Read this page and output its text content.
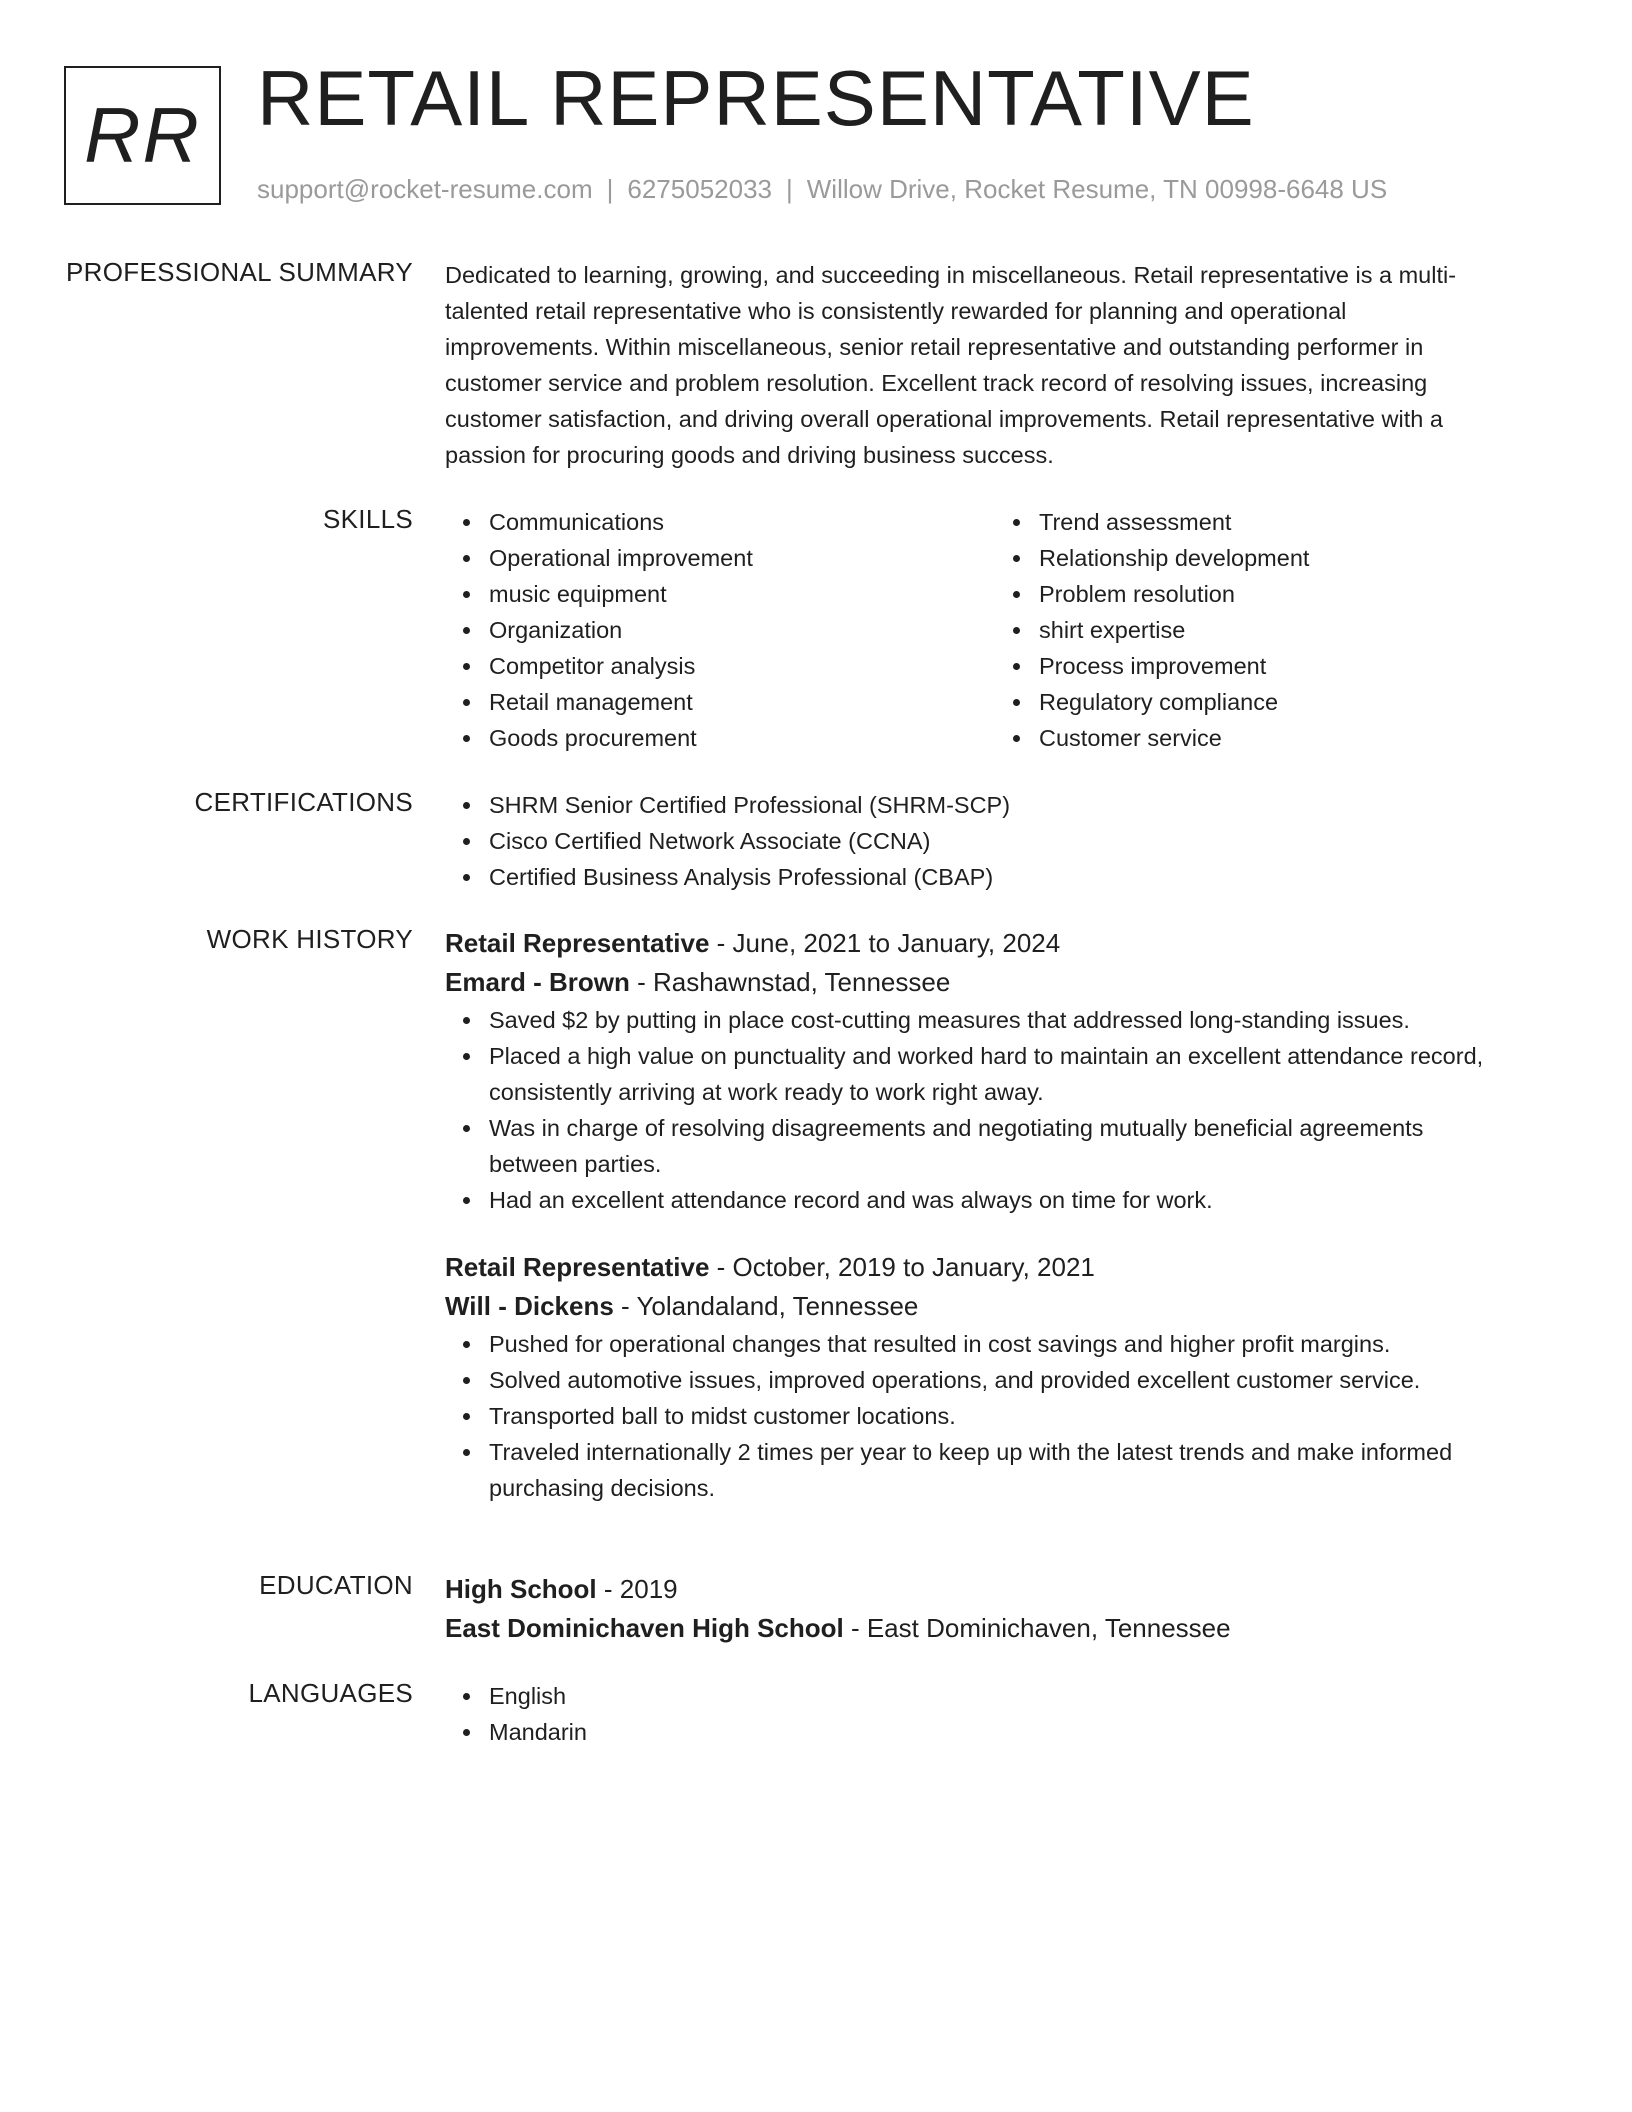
RR RETAIL REPRESENTATIVE
support@rocket-resume.com | 6275052033 | Willow Drive, Rocket Resume, TN 00998-6648 US
PROFESSIONAL SUMMARY Dedicated to learning, growing, and succeeding in miscellaneous. Retail representative is a multi-
talented retail representative who is consistently rewarded for planning and operational
improvements. Within miscellaneous, senior retail representative and outstanding performer in
customer service and problem resolution. Excellent track record of resolving issues, increasing
customer satisfaction, and driving overall operational improvements. Retail representative with a
passion for procuring goods and driving business success.

SKILLS	Communications
Operational improvement
music equipment
Organization
Competitor analysis
Retail management
Goods procurement
Trend assessment
Relationship development
Problem resolution
shirt expertise
Process improvement
Regulatory compliance
Customer service
CERTIFICATIONS	SHRM Senior Certified Professional (SHRM-SCP)
Cisco Certified Network Associate (CCNA)
Certified Business Analysis Professional (CBAP)
WORK HISTORY Retail Representative - June, 2021 to January, 2024
Emard - Brown - Rashawnstad, Tennessee
Saved $2 by putting in place cost-cutting measures that addressed long-standing issues.
Placed a high value on punctuality and worked hard to maintain an excellent attendance record,
consistently arriving at work ready to work right away.
Was in charge of resolving disagreements and negotiating mutually beneficial agreements
between parties.
Had an excellent attendance record and was always on time for work.
Retail Representative - October, 2019 to January, 2021
Will - Dickens - Yolandaland, Tennessee
Pushed for operational changes that resulted in cost savings and higher profit margins.
Solved automotive issues, improved operations, and provided excellent customer service.
Transported ball to midst customer locations.
Traveled internationally 2 times per year to keep up with the latest trends and make informed
purchasing decisions.
EDUCATION High School - 2019
East Dominichaven High School - East Dominichaven, Tennessee
LANGUAGES	English
Mandarin
